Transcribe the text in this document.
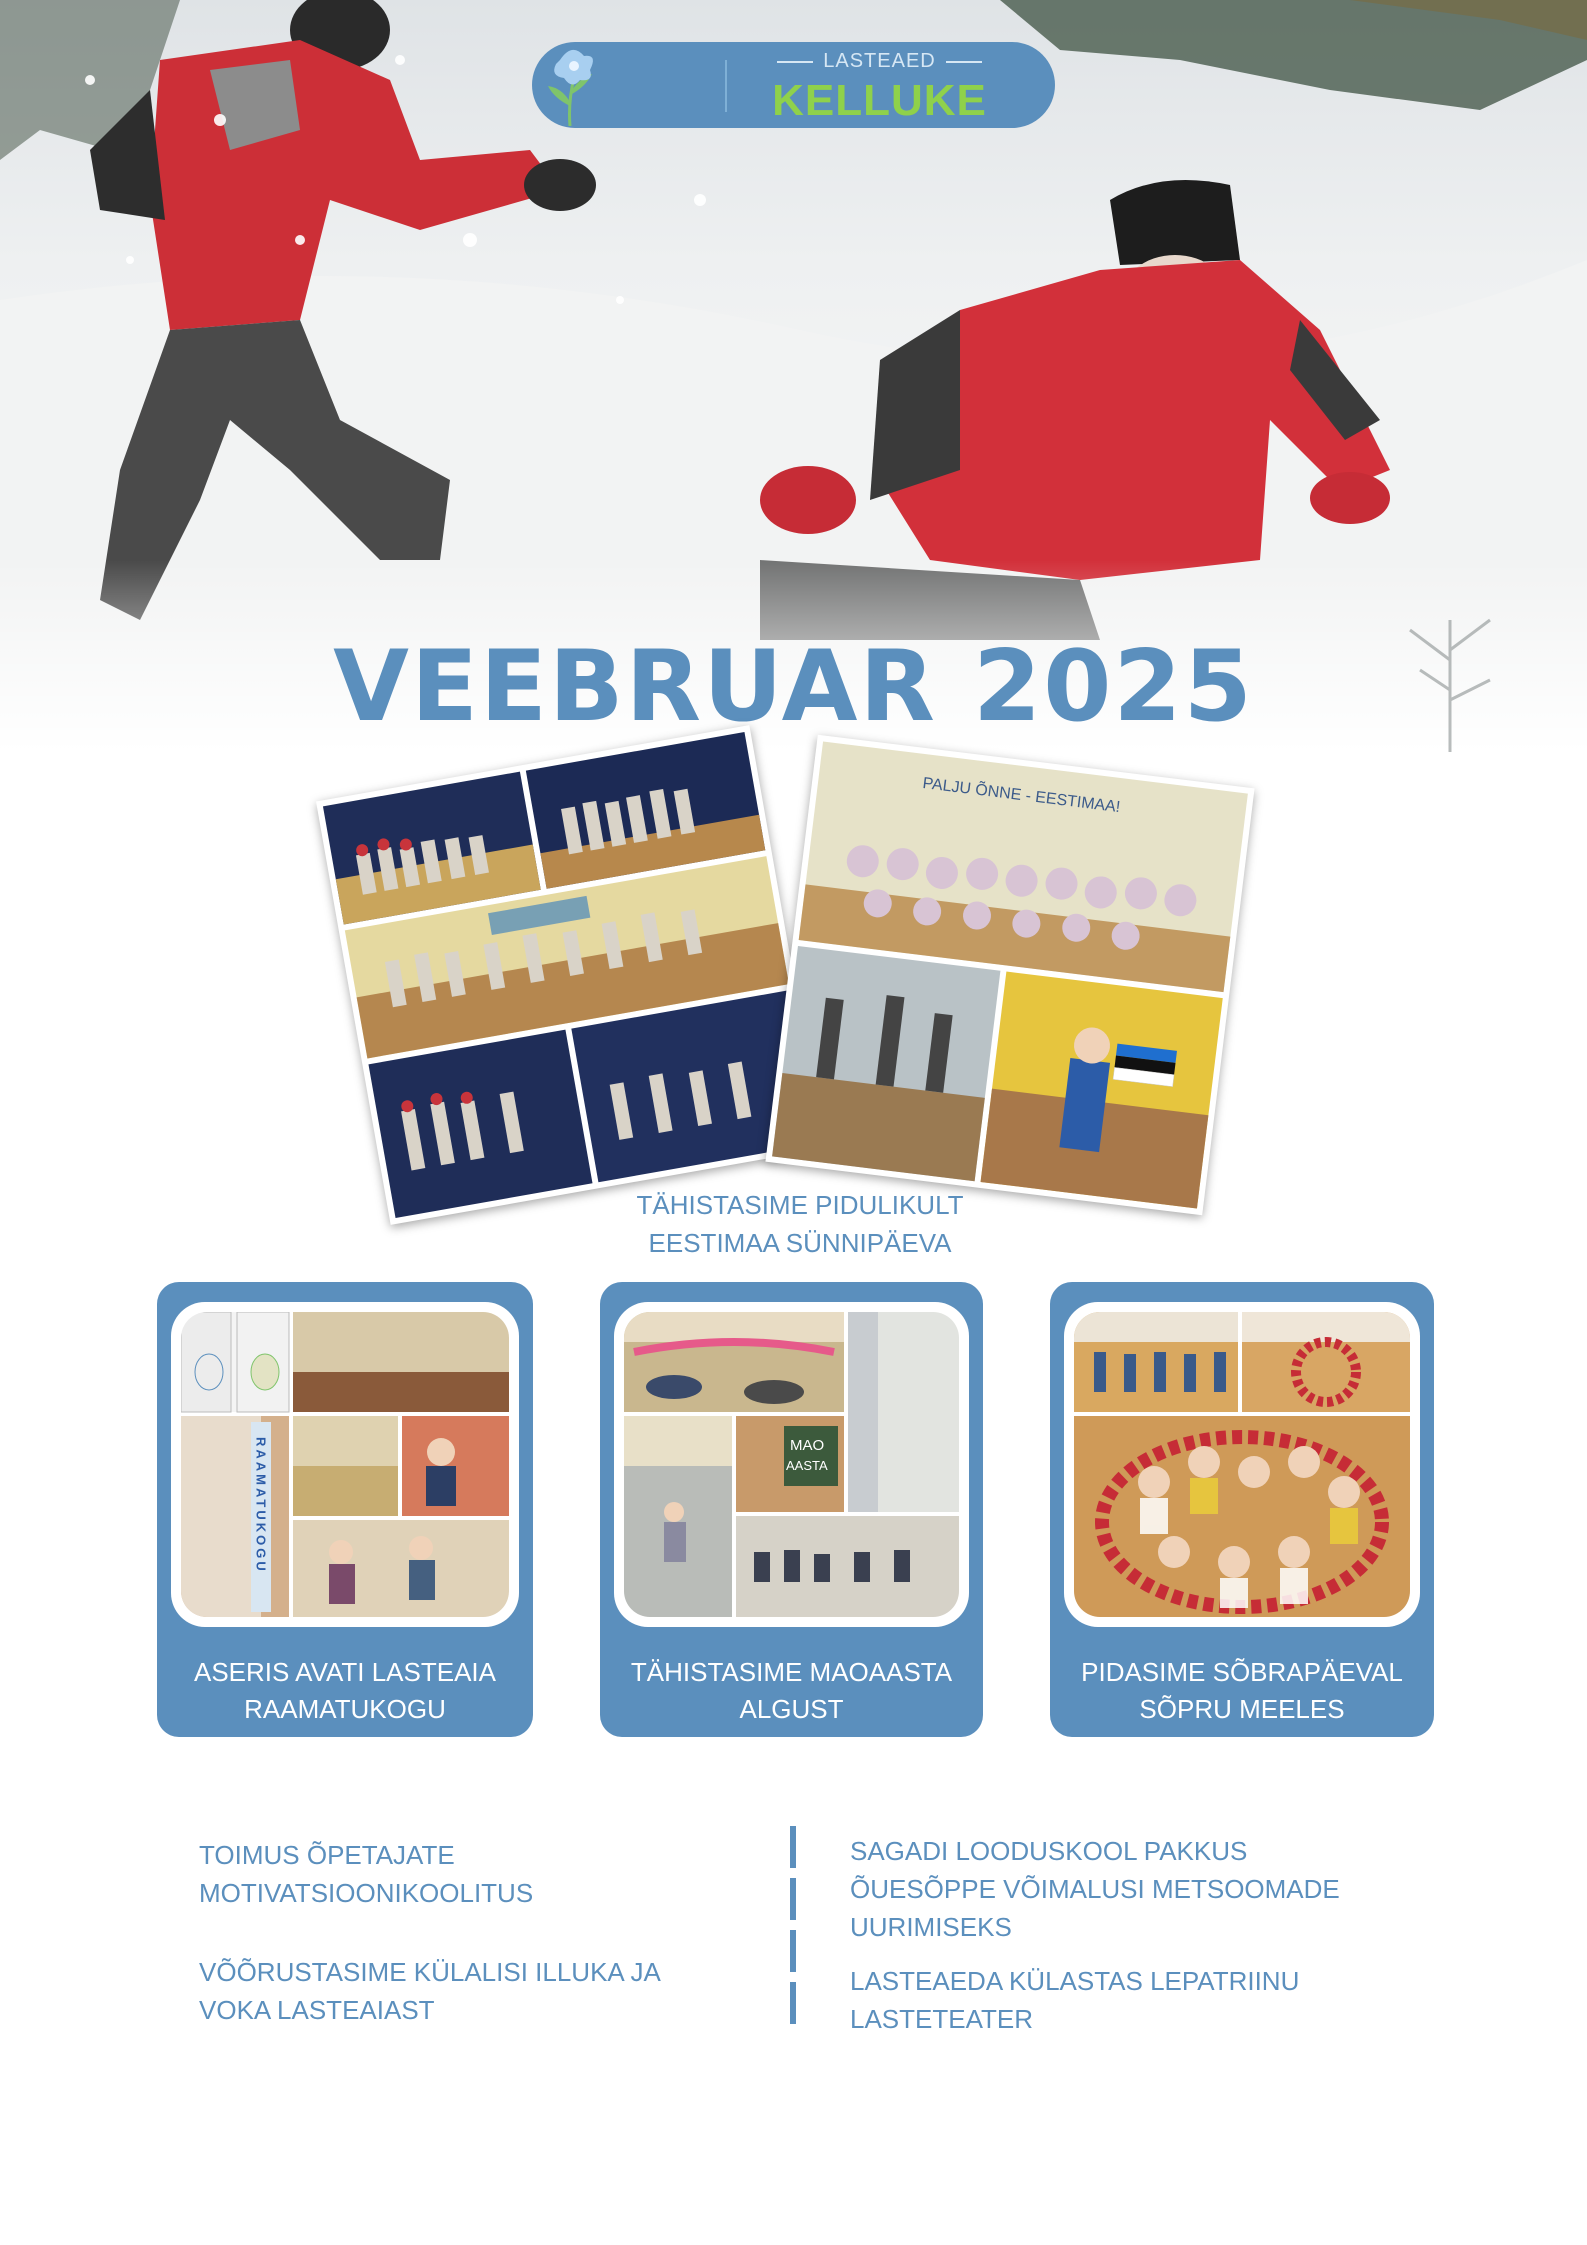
LASTEAED
KELLUKE
VEEBRUAR 2025
PALJU ÕNNE - EESTIMAA!
TÄHISTASIME PIDULIKULT
EESTIMAA SÜNNIPÄEVA
RAAMATUKOGU
ASERIS AVATI LASTEAIA
RAAMATUKOGU
MAO
AASTA
TÄHISTASIME MAOAASTA
ALGUST
PIDASIME SÕBRAPÄEVAL
SÕPRU MEELES
TOIMUS ÕPETAJATE
MOTIVATSIOONIKOOLITUS
VÕÕRUSTASIME KÜLALISI ILLUKA JA
VOKA LASTEAIAST
SAGADI LOODUSKOOL PAKKUS
ÕUESÕPPE VÕIMALUSI METSOOMADE
UURIMISEKS
LASTEAEDA KÜLASTAS LEPATRIINU
LASTETEATER
